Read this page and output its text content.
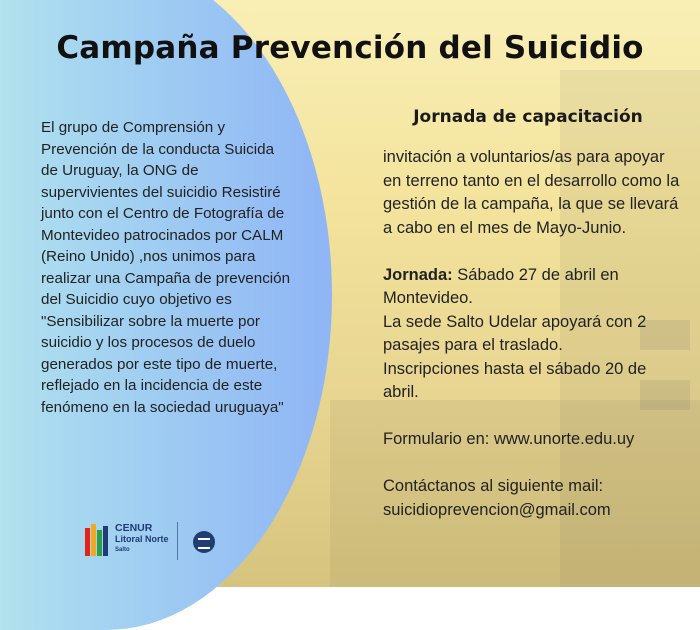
Campaña Prevención del Suicidio
El grupo de Comprensión y Prevención de la conducta Suicida de Uruguay, la ONG de supervivientes del suicidio Resistiré junto con el Centro de Fotografía de Montevideo patrocinados por CALM (Reino Unido) ,nos unimos para realizar una Campaña de prevención del Suicidio cuyo objetivo es "Sensibilizar sobre la muerte por suicidio y los procesos de duelo generados por este tipo de muerte, reflejado en la incidencia de este fenómeno en la sociedad uruguaya"
Jornada de capacitación

invitación a voluntarios/as para apoyar en terreno tanto en el desarrollo como la gestión de la campaña, la que se llevará a cabo en el mes de Mayo-Junio.

Jornada: Sábado 27 de abril en Montevideo.

La sede Salto Udelar apoyará con 2 pasajes para el traslado.

Inscripciones hasta el sábado 20 de abril.

Formulario en: www.unorte.edu.uy

Contáctanos al siguiente mail:

suicidioprevencion@gmail.com

CENUR
Litoral Norte
Salto
